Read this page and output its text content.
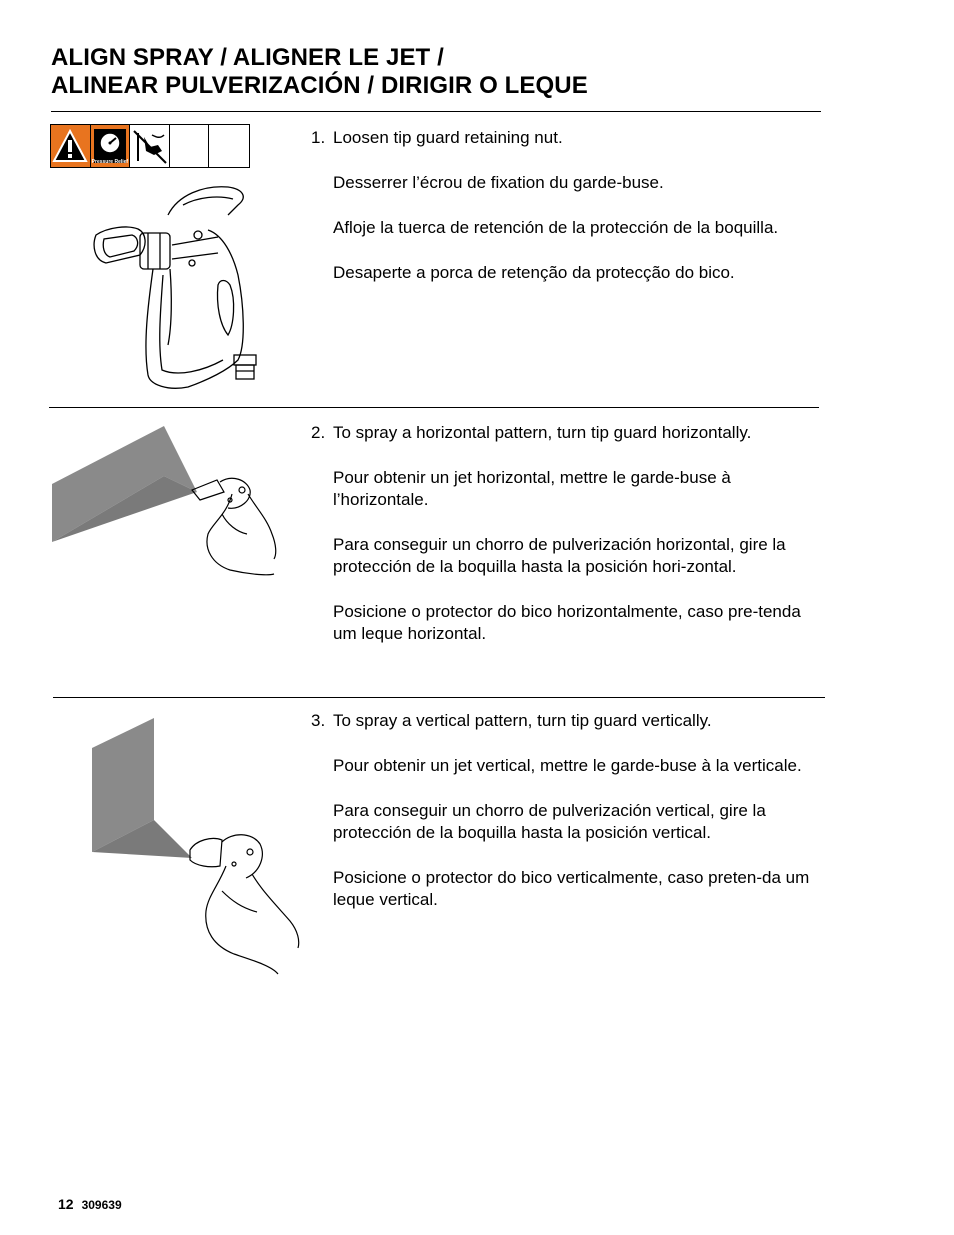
ALIGN SPRAY / ALIGNER LE JET /
ALINEAR PULVERIZACIÓN / DIRIGIR O LEQUE
Pressure Relief

1. Loosen tip guard retaining nut.

Desserrer l’écrou de fixation du garde-buse.

Afloje la tuerca de retención de la protección de la boquilla.

Desaperte a porca de retenção da protecção do bico.

2. To spray a horizontal pattern, turn tip guard horizontally.

Pour obtenir un jet horizontal, mettre le garde-buse à l’horizontale.

Para conseguir un chorro de pulverización horizontal, gire la protección de la boquilla hasta la posición hori-zontal.

Posicione o protector do bico horizontalmente, caso pre-tenda um leque horizontal.

3. To spray a vertical pattern, turn tip guard vertically.

Pour obtenir un jet vertical, mettre le garde-buse à la verticale.

Para conseguir un chorro de pulverización vertical, gire la protección de la boquilla hasta la posición vertical.

Posicione o protector do bico verticalmente, caso preten-da um leque vertical.

12 309639
